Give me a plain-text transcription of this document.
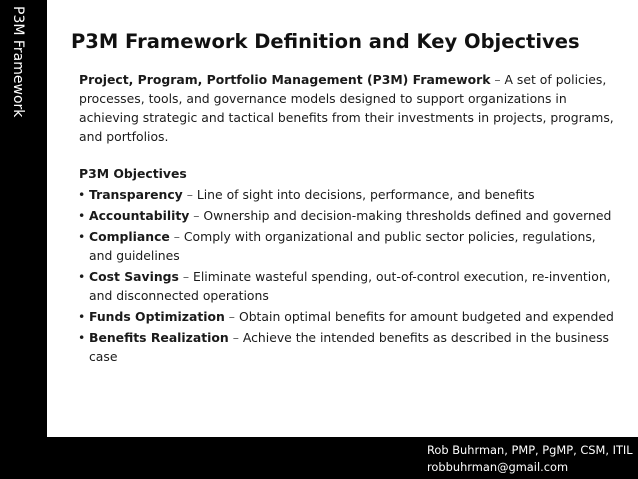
P3M Framework P3M Framework Definition and Key Objectives

Project, Program, Portfolio Management (P3M) Framework – A set of policies, processes, tools, and governance models designed to support organizations in achieving strategic and tactical benefits from their investments in projects, programs, and portfolios.

P3M Objectives

• Transparency – Line of sight into decisions, performance, and benefits
• Accountability – Ownership and decision-making thresholds defined and governed
• Compliance – Comply with organizational and public sector policies, regulations, and guidelines
• Cost Savings – Eliminate wasteful spending, out-of-control execution, re-invention, and disconnected operations
• Funds Optimization – Obtain optimal benefits for amount budgeted and expended
• Benefits Realization – Achieve the intended benefits as described in the business case
Rob Buhrman, PMP, PgMP, CSM, ITIL
robbuhrman@gmail.com
